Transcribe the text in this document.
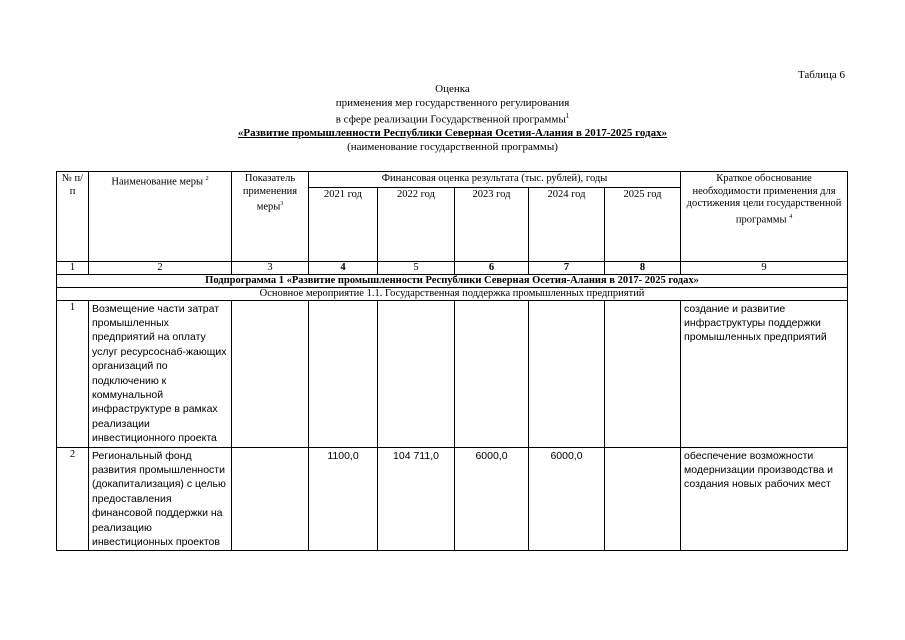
Таблица 6
Оценка
применения мер государственного регулирования
в сфере реализации Государственной программы$^1$
«Развитие промышленности Республики Северная Осетия-Алания в 2017-2025 годах»
(наименование государственной программы)
№ п/п	Наименование меры $^2$	Показатель применения меры$^3$	Финансовая оценка результата (тыс. рублей), годы					Краткое обоснование необходимости применения для достижения цели государственной программы $^4$
			2021 год	2022 год	2023 год	2024 год	2025 год	
1	2	3	4	5	6	7	8	9
Подпрограмма 1 «Развитие промышленности Республики Северная Осетия-Алания в 2017- 2025 годах»								
Основное мероприятие 1.1. Государственная поддержка промышленных предприятий								
1	Возмещение части затрат промышленных предприятий на оплату услуг ресурсоснаб-жающих организаций по подключению к коммунальной инфраструктуре в рамках реализации инвестиционного проекта							создание и развитие инфраструктуры поддержки промышленных предприятий
2	Региональный фонд развития промышленности (докапитализация) с целью предоставления финансовой поддержки на реализацию инвестиционных проектов		1100,0	104 711,0	6000,0	6000,0		обеспечение возможности модернизации производства и создания новых рабочих мест
